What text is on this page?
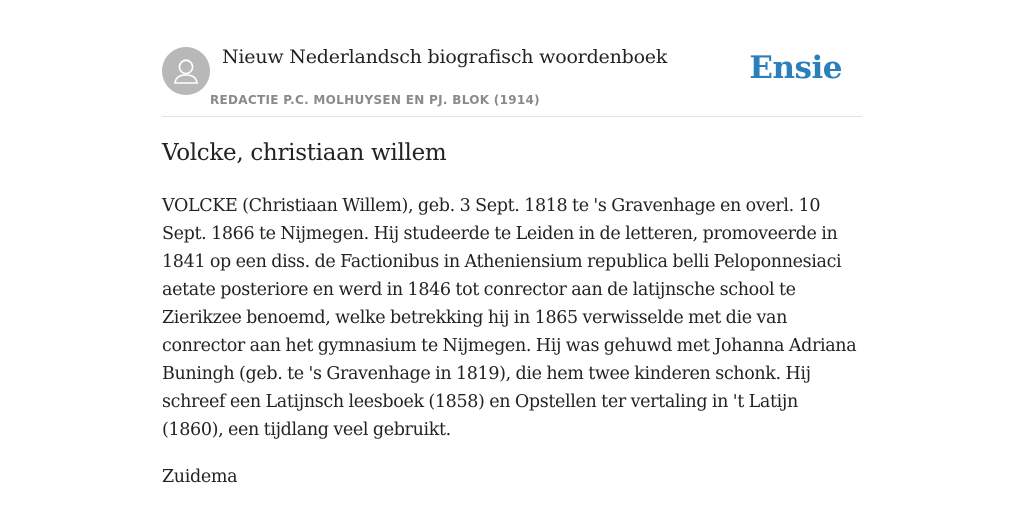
Nieuw Nederlandsch biografisch woordenboek
REDACTIE P.C. MOLHUYSEN EN PJ. BLOK (1914)
Ensie
Volcke, christiaan willem

VOLCKE (Christiaan Willem), geb. 3 Sept. 1818 te 's Gravenhage en overl. 10 Sept. 1866 te Nijmegen. Hij studeerde te Leiden in de letteren, promoveerde in 1841 op een diss. de Factionibus in Atheniensium republica belli Peloponnesiaci aetate posteriore en werd in 1846 tot conrector aan de latijnsche school te Zierikzee benoemd, welke betrekking hij in 1865 verwisselde met die van conrector aan het gymnasium te Nijmegen. Hij was gehuwd met Johanna Adriana Buningh (geb. te 's Gravenhage in 1819), die hem twee kinderen schonk. Hij schreef een Latijnsch leesboek (1858) en Opstellen ter vertaling in 't Latijn (1860), een tijdlang veel gebruikt.

Zuidema
